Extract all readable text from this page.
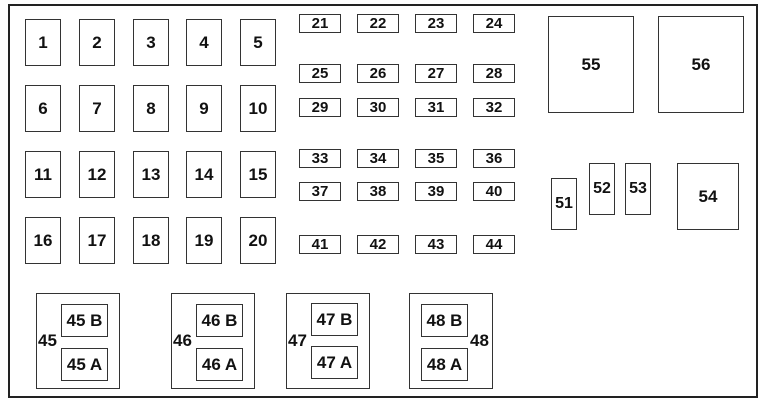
1	2	3	4	5
6	7	8	9	10
11	12	13	14	15
16	17	18	19	20
21	22	23	24
25	26	27	28
29	30	31	32
33	34	35	36
37	38	39	40
41	42	43	44
55	56
51
52 53	54
45
45 B
45 A
46
46 B
46 A
47
47 B
47 A
48
48 B
48 A
